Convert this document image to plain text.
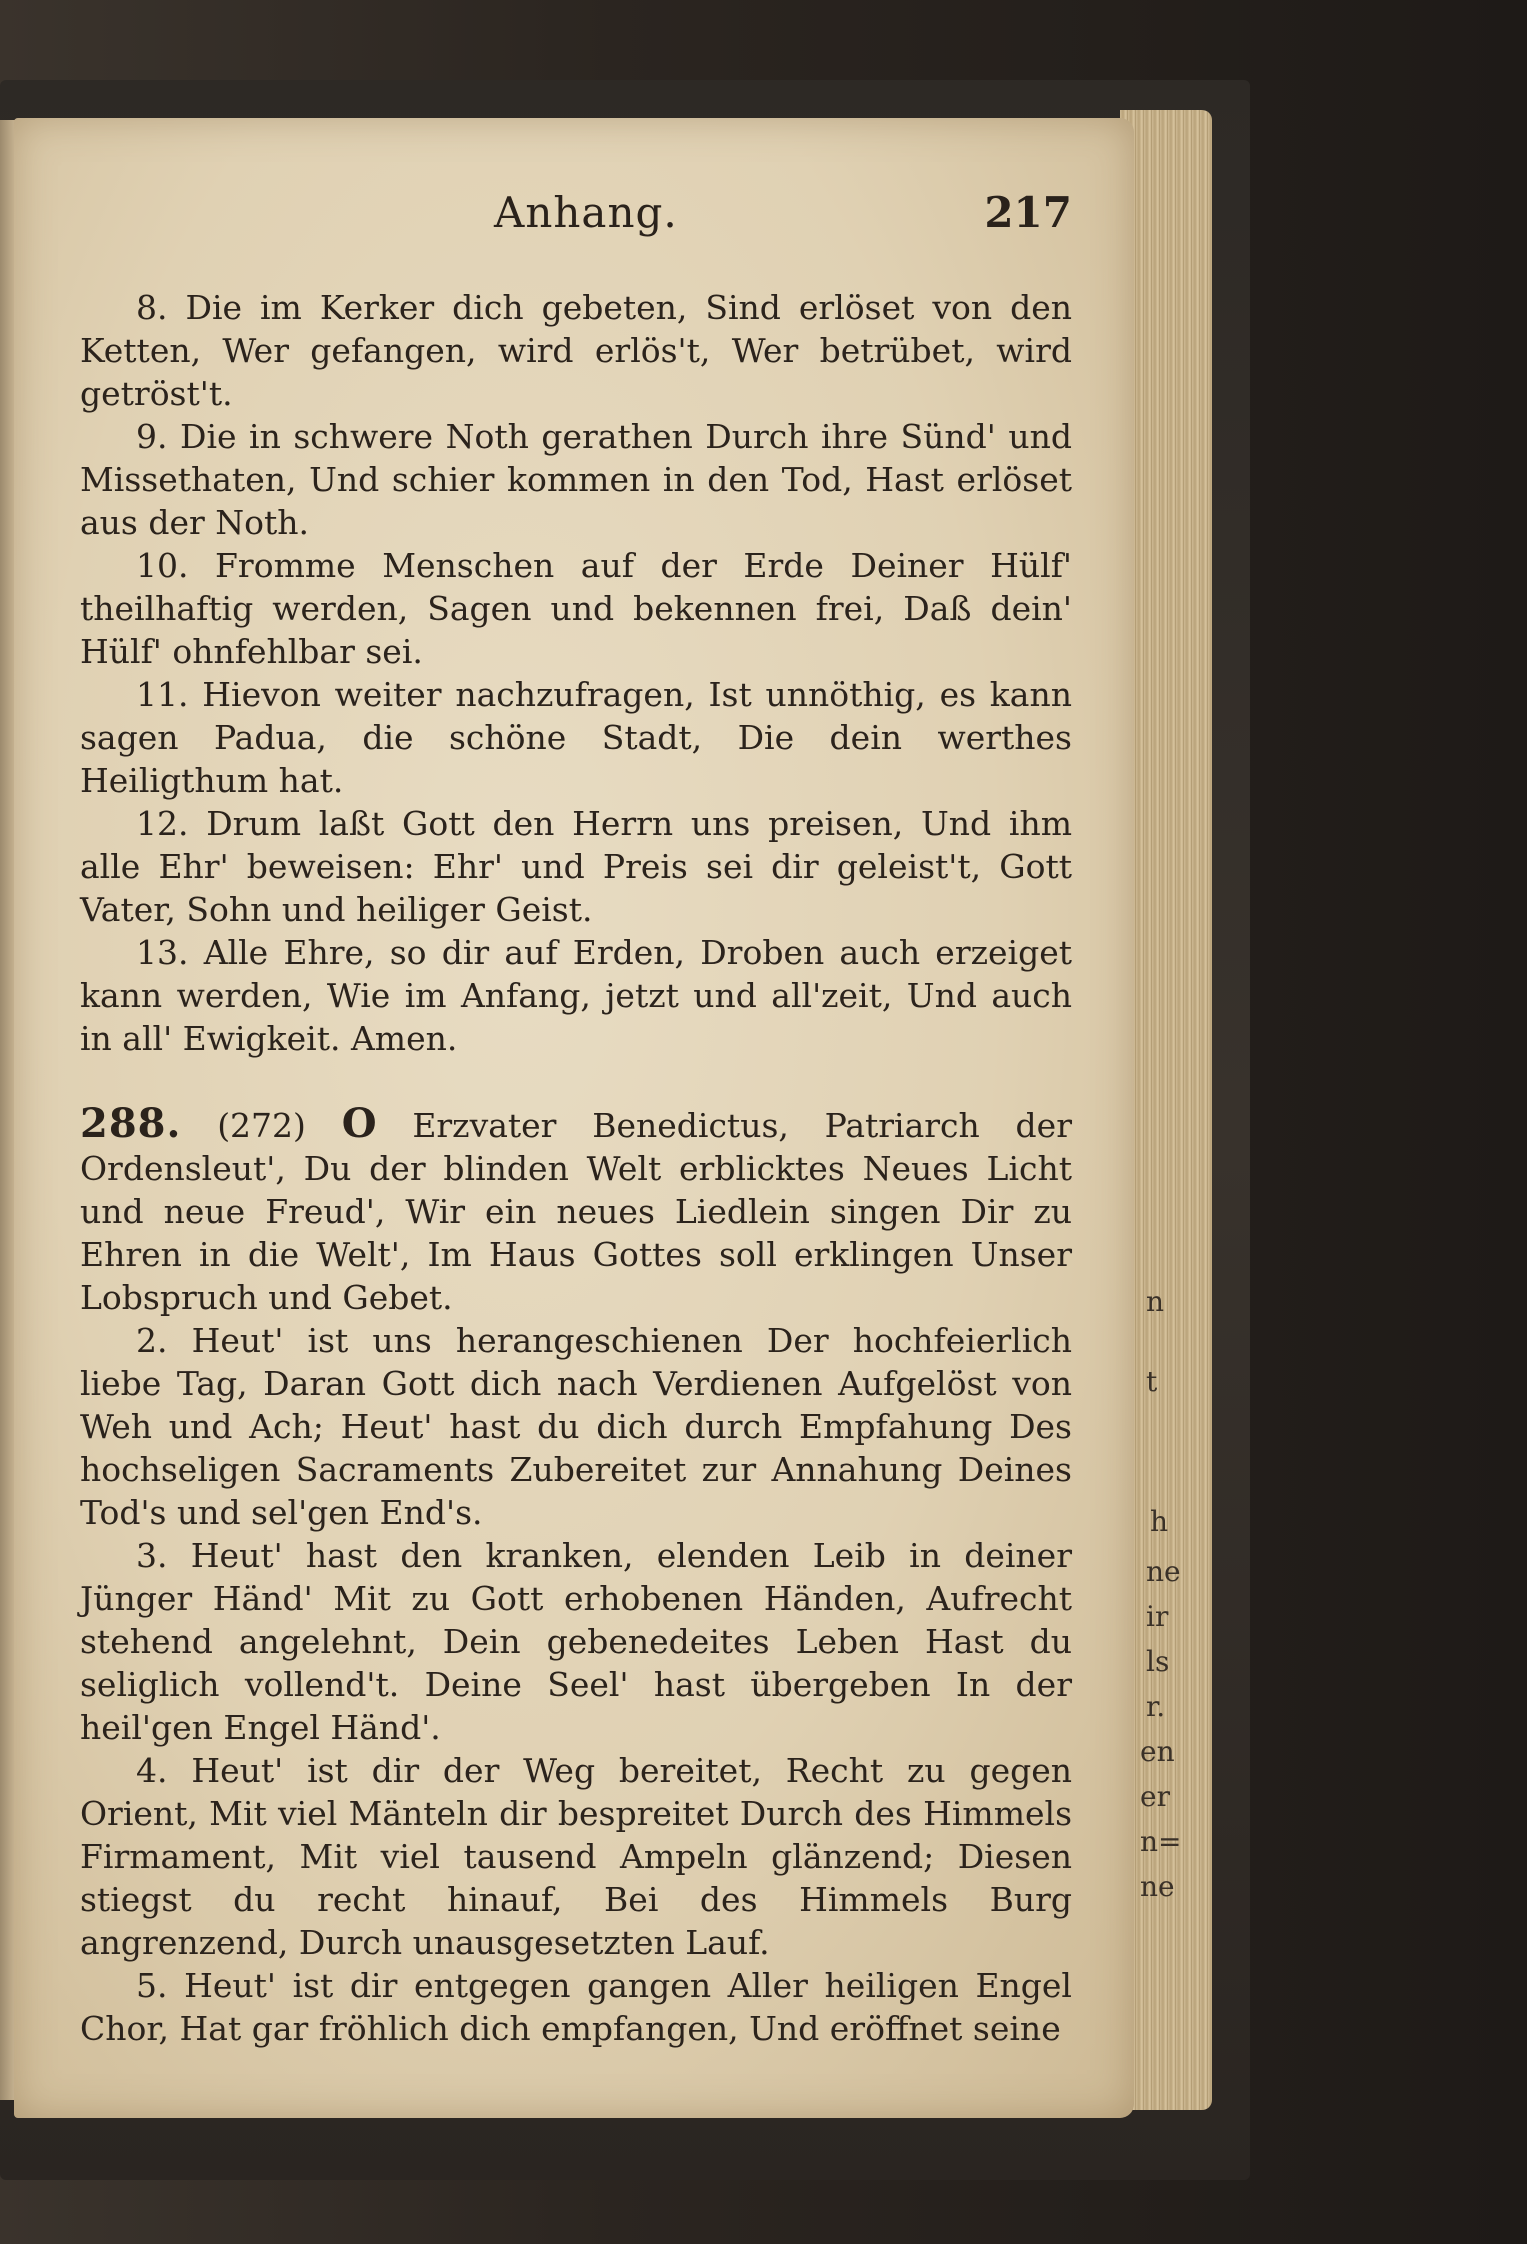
Anhang.	217

8. Die im Kerker dich gebeten, Sind erlöset von den Ketten, Wer gefangen, wird erlös't, Wer betrübet, wird getröst't.

9. Die in schwere Noth gerathen Durch ihre Sünd' und Missethaten, Und schier kommen in den Tod, Hast erlöset aus der Noth.

10. Fromme Menschen auf der Erde Deiner Hülf' theilhaftig werden, Sagen und bekennen frei, Daß dein' Hülf' ohnfehlbar sei.

11. Hievon weiter nachzufragen, Ist unnöthig, es kann sagen Padua, die schöne Stadt, Die dein werthes Heiligthum hat.

12. Drum laßt Gott den Herrn uns preisen, Und ihm alle Ehr' beweisen: Ehr' und Preis sei dir geleist't, Gott Vater, Sohn und heiliger Geist.

13. Alle Ehre, so dir auf Erden, Droben auch erzeiget kann werden, Wie im Anfang, jetzt und all'zeit, Und auch in all' Ewigkeit. Amen.

288. (272) O Erzvater Benedictus, Patriarch der Ordensleut', Du der blinden Welt erblicktes Neues Licht und neue Freud', Wir ein neues Liedlein singen Dir zu Ehren in die Welt', Im Haus Gottes soll erklingen Unser Lobspruch und Gebet.

2. Heut' ist uns herangeschienen Der hochfeierlich liebe Tag, Daran Gott dich nach Verdienen Aufgelöst von Weh und Ach; Heut' hast du dich durch Empfahung Des hochseligen Sacraments Zubereitet zur Annahung Deines Tod's und sel'gen End's.

3. Heut' hast den kranken, elenden Leib in deiner Jünger Händ' Mit zu Gott erhobenen Händen, Aufrecht stehend angelehnt, Dein gebenedeites Leben Hast du seliglich vollend't. Deine Seel' hast übergeben In der heil'gen Engel Händ'.

4. Heut' ist dir der Weg bereitet, Recht zu gegen Orient, Mit viel Mänteln dir bespreitet Durch des Himmels Firmament, Mit viel tausend Ampeln glänzend; Diesen stiegst du recht hinauf, Bei des Himmels Burg angrenzend, Durch unausgesetzten Lauf.

5. Heut' ist dir entgegen gangen Aller heiligen Engel Chor, Hat gar fröhlich dich empfangen, Und eröffnet seine

n
t
h
ne
ir
ls
r.
en
er
n=
ne
